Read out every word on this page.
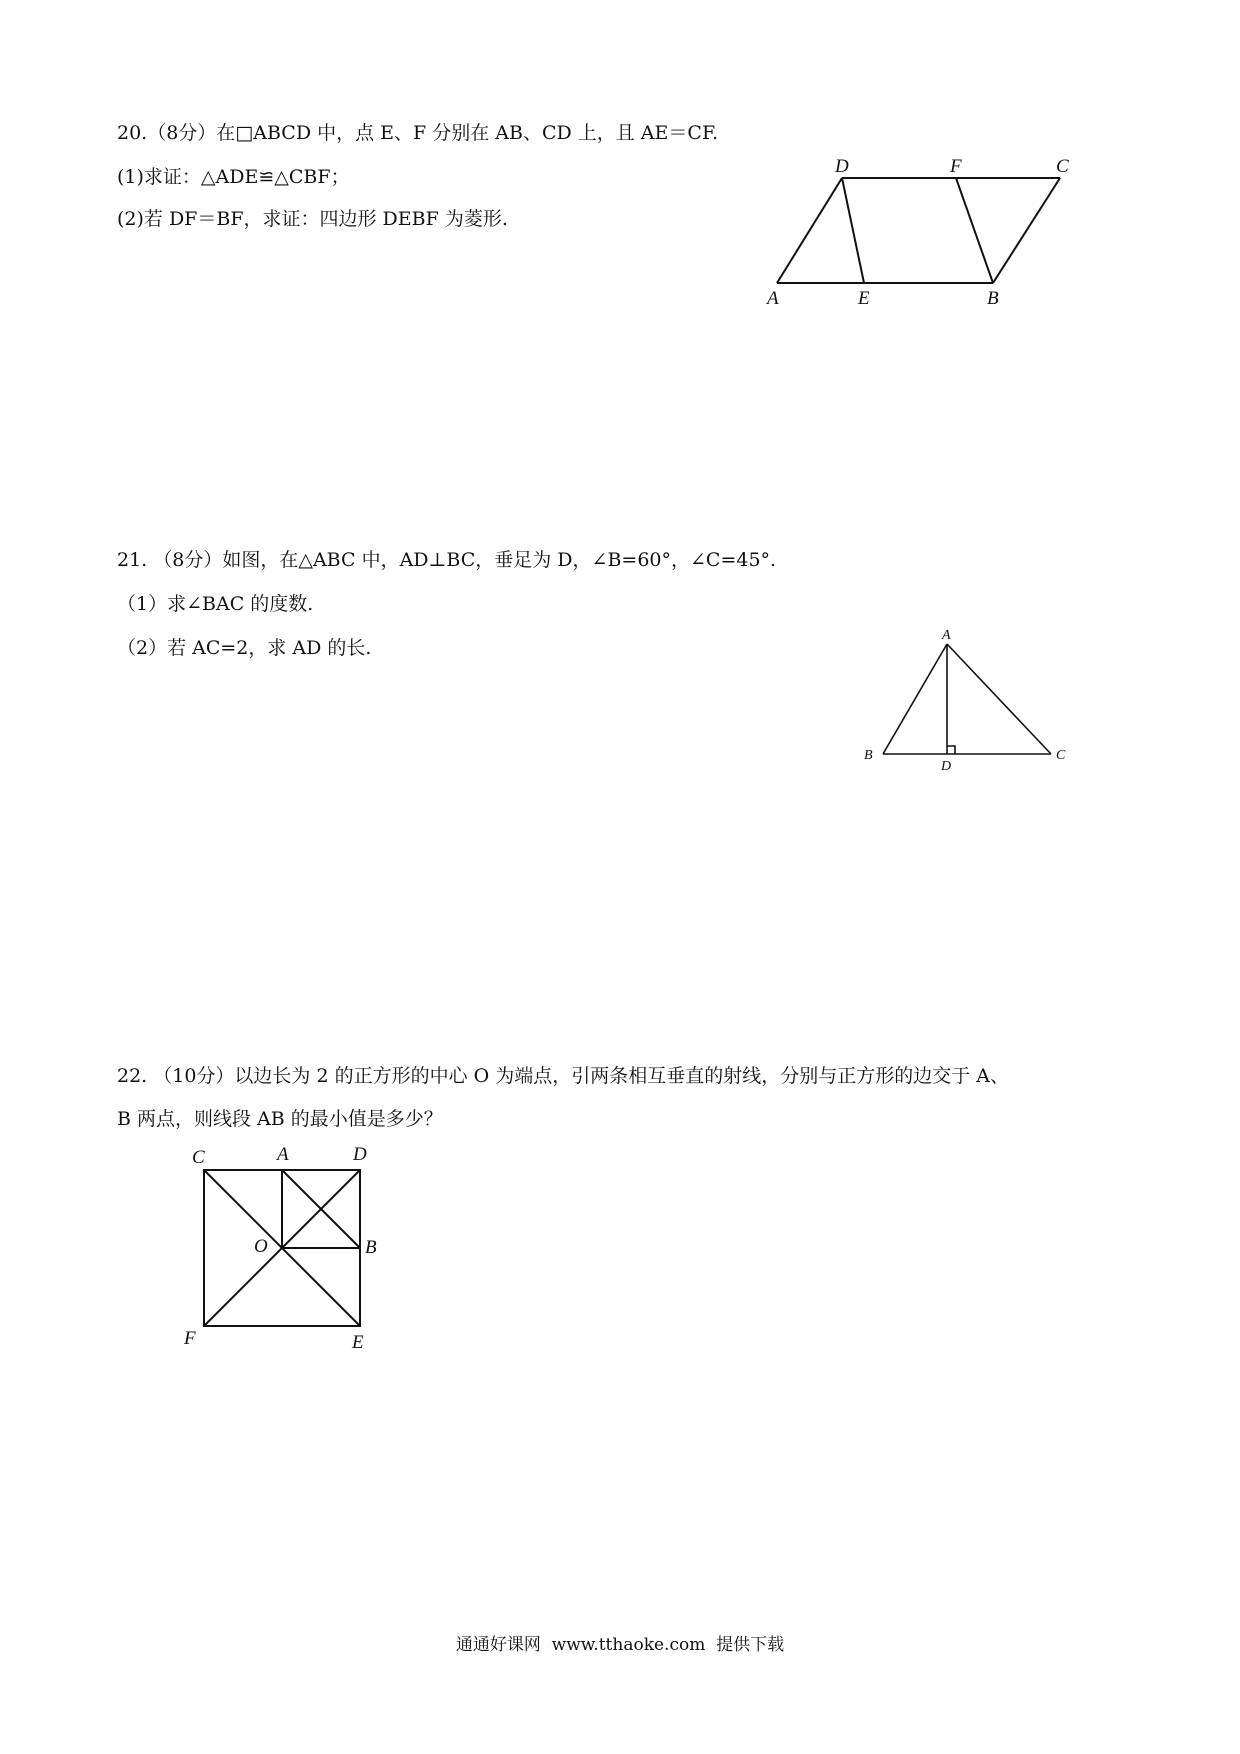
20.（8分）在□ABCD 中，点 E、F 分别在 AB、CD 上，且 AE＝CF.
(1)求证：△ADE≌△CBF；
(2)若 DF＝BF，求证：四边形 DEBF 为菱形.
D	F	C
A	E	B
21. （8分）如图，在△ABC 中，AD⊥BC，垂足为 D，∠B=60°，∠C=45°.
（1）求∠BAC 的度数.
（2）若 AC=2，求 AD 的长.
A
B
D
C
22. （10分）以边长为 2 的正方形的中心 O 为端点，引两条相互垂直的射线，分别与正方形的边交于 A、
B 两点，则线段 AB 的最小值是多少？
C	A	D
O	B
F	E
通通好课网  www.tthaoke.com  提供下载
